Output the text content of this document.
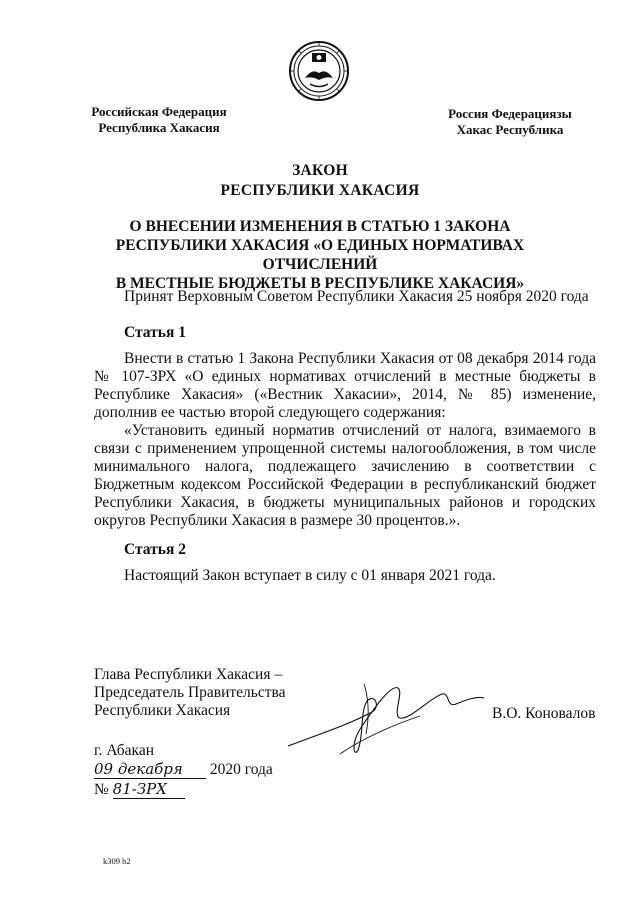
Российская Федерация
Республика Хакасия
Россия Федерациязы
Хакас Республика
ЗАКОН
РЕСПУБЛИКИ ХАКАСИЯ
О ВНЕСЕНИИ ИЗМЕНЕНИЯ В СТАТЬЮ 1 ЗАКОНА
РЕСПУБЛИКИ ХАКАСИЯ «О ЕДИНЫХ НОРМАТИВАХ ОТЧИСЛЕНИЙ
В МЕСТНЫЕ БЮДЖЕТЫ В РЕСПУБЛИКЕ ХАКАСИЯ»
Принят Верховным Советом Республики Хакасия 25 ноября 2020 года
Статья 1
Внести в статью 1 Закона Республики Хакасия от 08 декабря 2014 года № 107-ЗРХ «О единых нормативах отчислений в местные бюджеты в Республике Хакасия» («Вестник Хакасии», 2014, № 85) изменение, дополнив ее частью второй следующего содержания:
«Установить единый норматив отчислений от налога, взимаемого в связи с применением упрощенной системы налогообложения, в том числе минимального налога, подлежащего зачислению в соответствии с Бюджетным кодексом Российской Федерации в республиканский бюджет Республики Хакасия, в бюджеты муниципальных районов и городских округов Республики Хакасия в размере 30 процентов.».
Статья 2
Настоящий Закон вступает в силу с 01 января 2021 года.
Глава Республики Хакасия –
Председатель Правительства
Республики Хакасия	В.О. Коновалов
г. Абакан
09 декабря 2020 года
№ 81-ЗРХ
k309 b2
